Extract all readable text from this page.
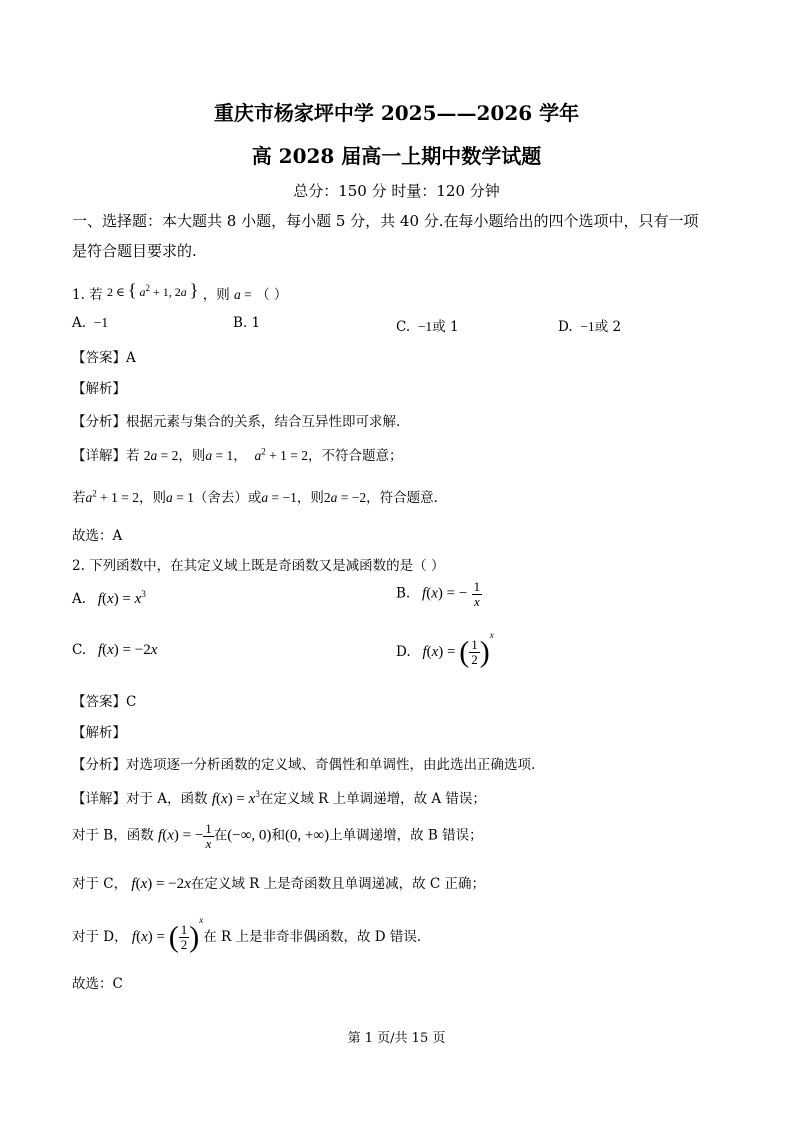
重庆市杨家坪中学 2025——2026 学年
高 2028 届高一上期中数学试题
总分：150 分 时量：120 分钟
一、选择题：本大题共 8 小题，每小题 5 分，共 40 分.在每小题给出的四个选项中，只有一项
是符合题目要求的.
1. 若 2 ∈ { $a^2 + 1$, 2a } ，则 a = （ ）
A.  −1	B. 1	C.  −1或 1	D.  −1或 2
【答案】A
【解析】
【分析】根据元素与集合的关系，结合互异性即可求解.
【详解】若 2a = 2，则a = 1，  $a^2 + 1 = 2$，不符合题意；
若$a^2 + 1 = 2$，则a = 1（舍去）或a = −1，则2a = −2，符合题意.
故选：A
2. 下列函数中，在其定义域上既是奇函数又是减函数的是（ ）
A. $f(x) = x^3$	B. f(x) = − $\frac{1}{x}$
C. f(x) = −2x	D. f(x) = ( $\frac{1}{2} )^x$
【答案】C
【解析】
【分析】对选项逐一分析函数的定义域、奇偶性和单调性，由此选出正确选项.
【详解】对于 A，函数 $f(x) = x^3$在定义域 R 上单调递增，故 A 错误；
对于 B，函数 f(x) = − $\frac{1}{x}$ 在(−∞, 0)和(0, +∞)上单调递增，故 B 错误；
对于 C， f(x) = −2x在定义域 R 上是奇函数且单调递减，故 C 正确；
对于 D， f(x) = ( $\frac{1}{2} )^x$在 R 上是非奇非偶函数，故 D 错误.
故选：C
第 1 页/共 15 页
